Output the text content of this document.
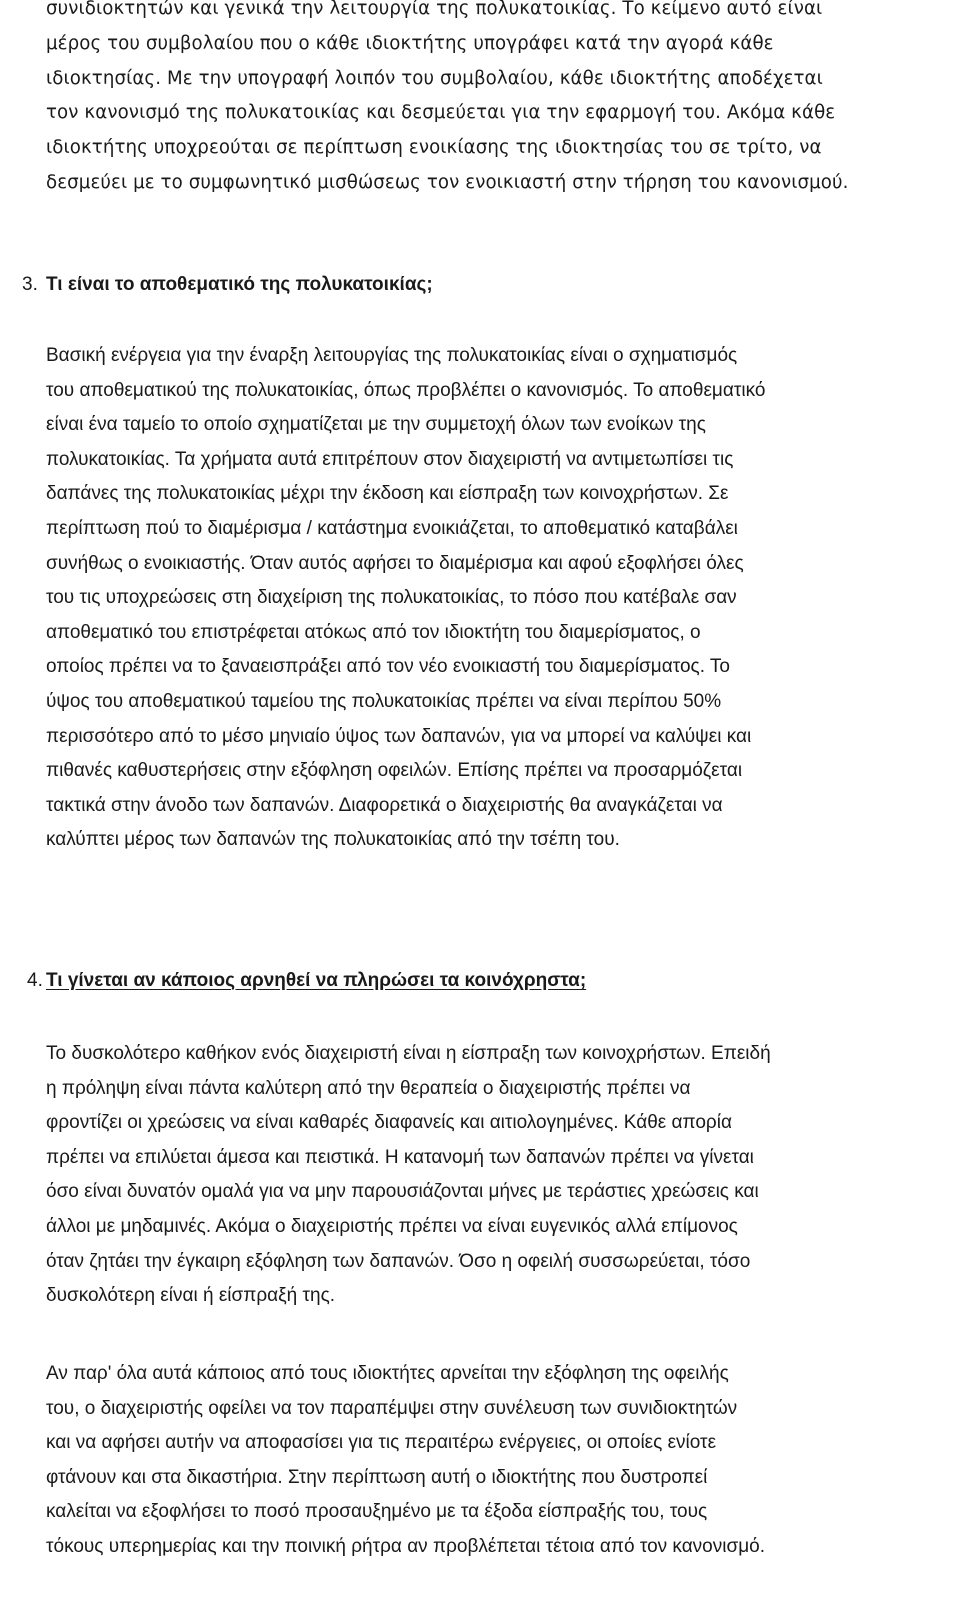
συνιδιοκτητών και γενικά την λειτουργία της πολυκατοικίας. Το κείμενο αυτό είναι
μέρος του συμβολαίου που ο κάθε ιδιοκτήτης υπογράφει κατά την αγορά κάθε
ιδιοκτησίας. Με την υπογραφή λοιπόν του συμβολαίου, κάθε ιδιοκτήτης αποδέχεται
τον κανονισμό της πολυκατοικίας και δεσμεύεται για την εφαρμογή του. Ακόμα κάθε
ιδιοκτήτης υποχρεούται σε περίπτωση ενοικίασης της ιδιοκτησίας του σε τρίτο, να
δεσμεύει με το συμφωνητικό μισθώσεως τον ενοικιαστή στην τήρηση του κανονισμού.
3. Τι είναι το αποθεματικό της πολυκατοικίας;
Βασική ενέργεια για την έναρξη λειτουργίας της πολυκατοικίας είναι ο σχηματισμός
του αποθεματικού της πολυκατοικίας, όπως προβλέπει ο κανονισμός. Το αποθεματικό
είναι ένα ταμείο το οποίο σχηματίζεται με την συμμετοχή όλων των ενοίκων της
πολυκατοικίας. Τα χρήματα αυτά επιτρέπουν στον διαχειριστή να αντιμετωπίσει τις
δαπάνες της πολυκατοικίας μέχρι την έκδοση και είσπραξη των κοινοχρήστων. Σε
περίπτωση πού το διαμέρισμα / κατάστημα ενοικιάζεται, το αποθεματικό καταβάλει
συνήθως ο ενοικιαστής. Όταν αυτός αφήσει το διαμέρισμα και αφού εξοφλήσει όλες
του τις υποχρεώσεις στη διαχείριση της πολυκατοικίας, το πόσο που κατέβαλε σαν
αποθεματικό του επιστρέφεται ατόκως από τον ιδιοκτήτη του διαμερίσματος, ο
οποίος πρέπει να το ξαναεισπράξει από τον νέο ενοικιαστή του διαμερίσματος. Το
ύψος του αποθεματικού ταμείου της πολυκατοικίας πρέπει να είναι περίπου 50%
περισσότερο από το μέσο μηνιαίο ύψος των δαπανών, για να μπορεί να καλύψει και
πιθανές καθυστερήσεις στην εξόφληση οφειλών. Επίσης πρέπει να προσαρμόζεται
τακτικά στην άνοδο των δαπανών. Διαφορετικά ο διαχειριστής θα αναγκάζεται να
καλύπτει μέρος των δαπανών της πολυκατοικίας από την τσέπη του.
4. Τι γίνεται αν κάποιος αρνηθεί να πληρώσει τα κοινόχρηστα;
Το δυσκολότερο καθήκον ενός διαχειριστή είναι η είσπραξη των κοινοχρήστων. Επειδή
η πρόληψη είναι πάντα καλύτερη από την θεραπεία ο διαχειριστής πρέπει να
φροντίζει οι χρεώσεις να είναι καθαρές διαφανείς και αιτιολογημένες. Κάθε απορία
πρέπει να επιλύεται άμεσα και πειστικά. Η κατανομή των δαπανών πρέπει να γίνεται
όσο είναι δυνατόν ομαλά για να μην παρουσιάζονται μήνες με τεράστιες χρεώσεις και
άλλοι με μηδαμινές. Ακόμα ο διαχειριστής πρέπει να είναι ευγενικός αλλά επίμονος
όταν ζητάει την έγκαιρη εξόφληση των δαπανών. Όσο η οφειλή συσσωρεύεται, τόσο
δυσκολότερη είναι ή είσπραξή της.
Αν παρ' όλα αυτά κάποιος από τους ιδιοκτήτες αρνείται την εξόφληση της οφειλής
του, ο διαχειριστής οφείλει να τον παραπέμψει στην συνέλευση των συνιδιοκτητών
και να αφήσει αυτήν να αποφασίσει για τις περαιτέρω ενέργειες, οι οποίες ενίοτε
φτάνουν και στα δικαστήρια. Στην περίπτωση αυτή ο ιδιοκτήτης που δυστροπεί
καλείται να εξοφλήσει το ποσό προσαυξημένο με τα έξοδα είσπραξής του, τους
τόκους υπερημερίας και την ποινική ρήτρα αν προβλέπεται τέτοια από τον κανονισμό.
